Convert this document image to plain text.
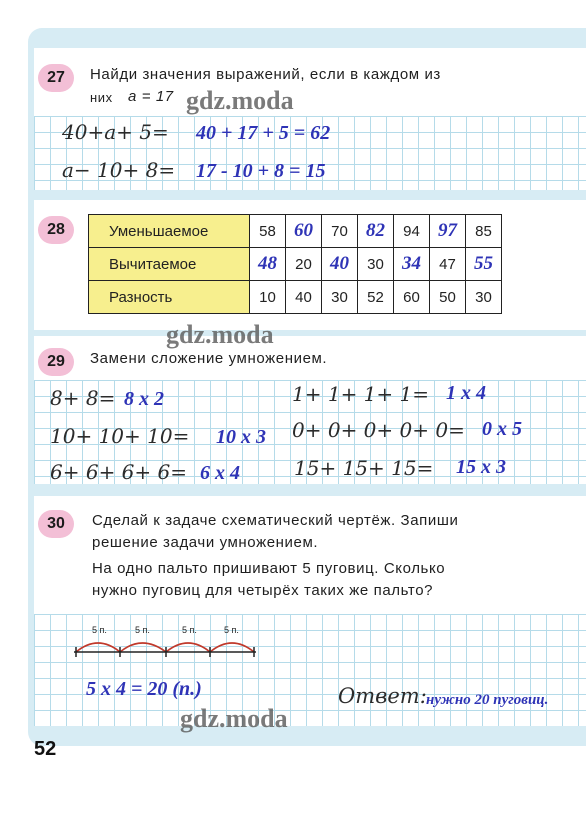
27	Найди значения выражений, если в каждом из
них a = 17
40+a+ 5= 40 + 17 + 5 = 62
a− 10+ 8= 17 - 10 + 8 = 15
28	Уменьшаемое	58	60	70	82	94	97	85
Вычитаемое	48	20	40	30	34	47	55
Разность	10	40	30	52	60	50	30
29	Замени сложение умножением.
8+ 8= 8 x 2	1+ 1+ 1+ 1= 1 x 4
10+ 10+ 10= 10 x 3 0+ 0+ 0+ 0+ 0= 0 x 5
6+ 6+ 6+ 6= 6 x 4	15+ 15+ 15= 15 x 3
30	Сделай к задаче схематический чертёж. Запиши
решение задачи умножением.
На одно пальто пришивают 5 пуговиц. Сколько
нужно пуговиц для четырёх таких же пальто?
5 п.	5 п.	5 п.	5 п.
5 x 4 = 20 (п.)	Ответ: нужно 20 пуговиц.
gdz.moda
gdz.moda
gdz.moda
52
